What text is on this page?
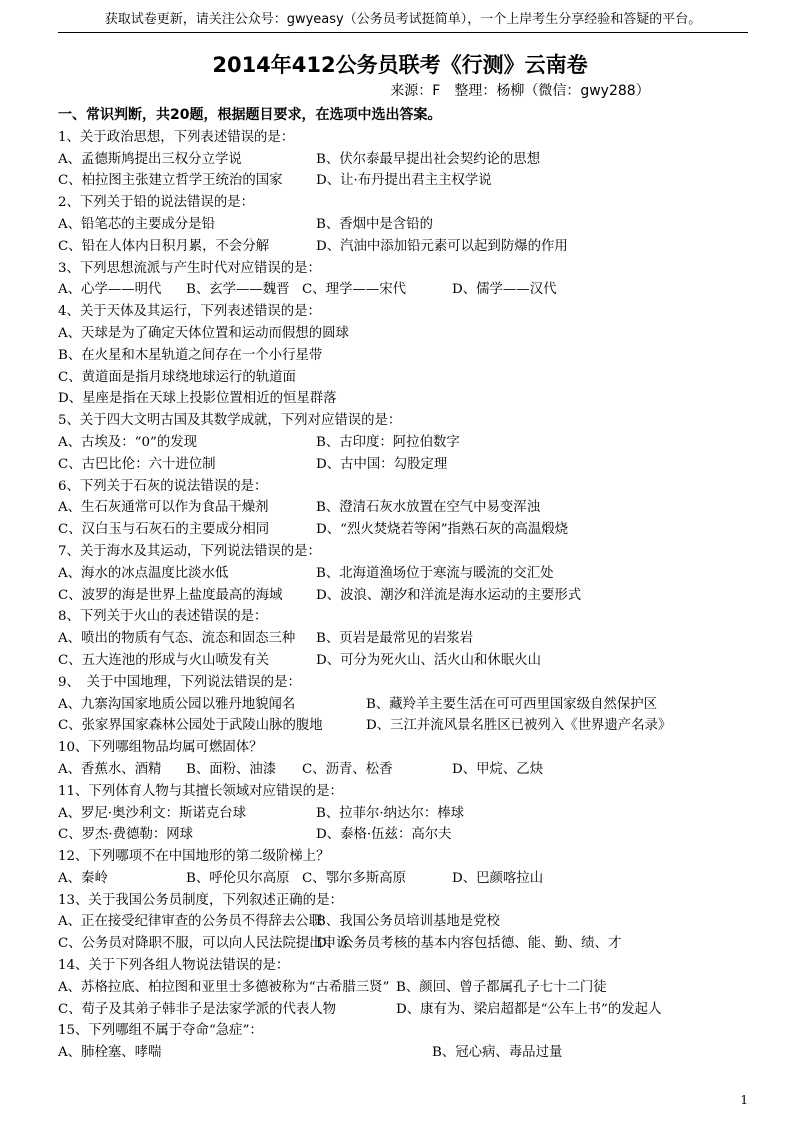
获取试卷更新，请关注公众号：gwyeasy（公务员考试挺简单），一个上岸考生分享经验和答疑的平台。
2014年412公务员联考《行测》云南卷
来源：F　整理：杨柳（微信：gwy288）
一、常识判断，共20题，根据题目要求，在选项中选出答案。
1、关于政治思想，下列表述错误的是：
A、孟德斯鸠提出三权分立学说	B、伏尔泰最早提出社会契约论的思想
C、柏拉图主张建立哲学王统治的国家	D、让·布丹提出君主主权学说
2、下列关于铅的说法错误的是：
A、铅笔芯的主要成分是铅	B、香烟中是含铅的
C、铅在人体内日积月累，不会分解	D、汽油中添加铅元素可以起到防爆的作用
3、下列思想流派与产生时代对应错误的是：
A、心学——明代	B、玄学——魏晋 C、理学——宋代	D、儒学——汉代
4、关于天体及其运行，下列表述错误的是：
A、天球是为了确定天体位置和运动而假想的圆球
B、在火星和木星轨道之间存在一个小行星带
C、黄道面是指月球绕地球运行的轨道面
D、星座是指在天球上投影位置相近的恒星群落
5、关于四大文明古国及其数学成就，下列对应错误的是：
A、古埃及：“0”的发现	B、古印度：阿拉伯数字
C、古巴比伦：六十进位制	D、古中国：勾股定理
6、下列关于石灰的说法错误的是：
A、生石灰通常可以作为食品干燥剂	B、澄清石灰水放置在空气中易变浑浊
C、汉白玉与石灰石的主要成分相同	D、“烈火焚烧若等闲”指熟石灰的高温煅烧
7、关于海水及其运动，下列说法错误的是：
A、海水的冰点温度比淡水低	B、北海道渔场位于寒流与暖流的交汇处
C、波罗的海是世界上盐度最高的海域	D、波浪、潮汐和洋流是海水运动的主要形式
8、下列关于火山的表述错误的是：
A、喷出的物质有气态、流态和固态三种	B、页岩是最常见的岩浆岩
C、五大连池的形成与火山喷发有关	D、可分为死火山、活火山和休眠火山
9、　关于中国地理，下列说法错误的是：
A、九寨沟国家地质公园以雅丹地貌闻名	B、藏羚羊主要生活在可可西里国家级自然保护区
C、张家界国家森林公园处于武陵山脉的腹地	D、三江并流风景名胜区已被列入《世界遗产名录》
10、下列哪组物品均属可燃固体？
A、香蕉水、酒精	B、面粉、油漆	C、沥青、松香	D、甲烷、乙炔
11、下列体育人物与其擅长领域对应错误的是：
A、罗尼·奥沙利文：斯诺克台球	B、拉菲尔·纳达尔：棒球
C、罗杰·费德勒：网球	D、泰格·伍兹：高尔夫
12、下列哪项不在中国地形的第二级阶梯上？
A、秦岭	B、呼伦贝尔高原 C、鄂尔多斯高原	D、巴颜喀拉山
13、关于我国公务员制度，下列叙述正确的是：
A、正在接受纪律审查的公务员不得辞去公职
B、我国公务员培训基地是党校
C、公务员对降职不服，可以向人民法院提出申诉
D、公务员考核的基本内容包括德、能、勤、绩、才
14、关于下列各组人物说法错误的是：
A、苏格拉底、柏拉图和亚里士多德被称为“古希腊三贤” B、颜回、曾子都属孔子七十二门徒
C、荀子及其弟子韩非子是法家学派的代表人物	D、康有为、梁启超都是“公车上书”的发起人
15、下列哪组不属于夺命“急症”：
A、肺栓塞、哮喘	B、冠心病、毒品过量
1
